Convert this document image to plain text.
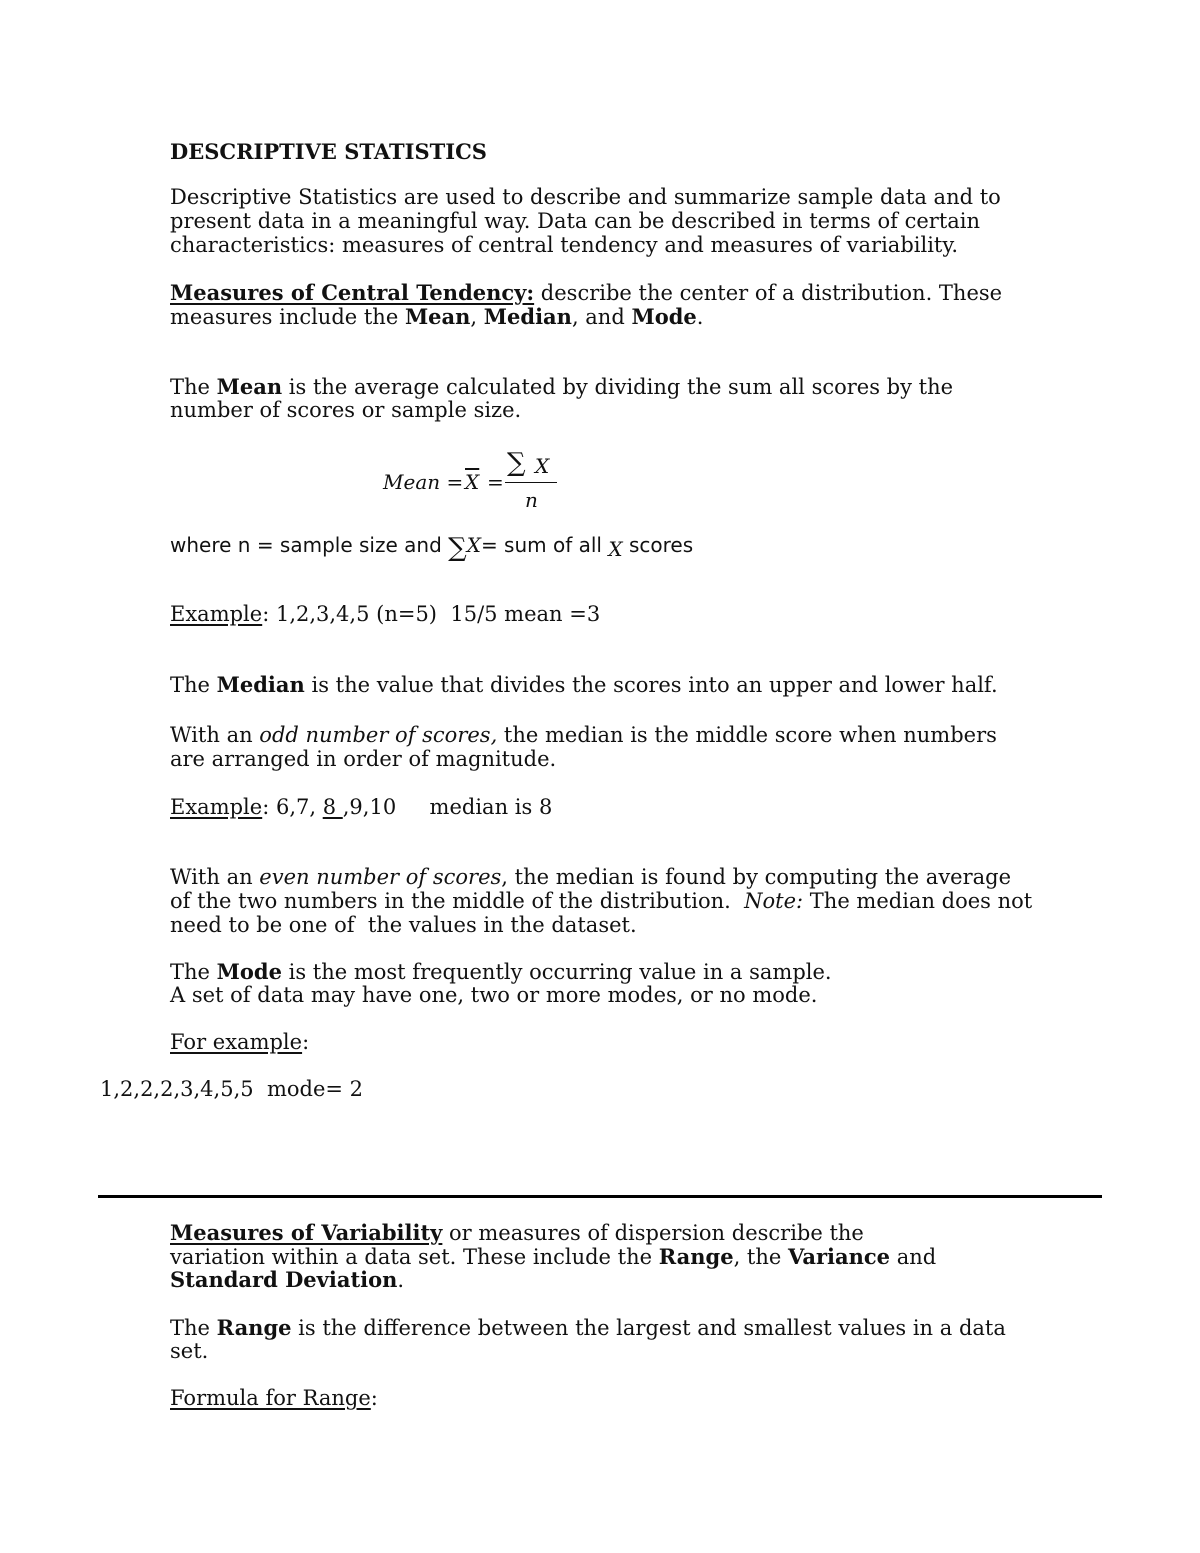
DESCRIPTIVE STATISTICS
Descriptive Statistics are used to describe and summarize sample data and to
present data in a meaningful way. Data can be described in terms of certain
characteristics: measures of central tendency and measures of variability.
Measures of Central Tendency: describe the center of a distribution. These
measures include the Mean, Median, and Mode.
The Mean is the average calculated by dividing the sum all scores by the
number of scores or sample size.
Mean = $\overline{X}$ =
∑ X
n
where n = sample size and ∑X= sum of all X scores
Example: 1,2,3,4,5 (n=5)  15/5 mean =3
The Median is the value that divides the scores into an upper and lower half.
With an odd number of scores, the median is the middle score when numbers
are arranged in order of magnitude.
Example: 6,7, 8 ,9,10     median is 8
With an even number of scores, the median is found by computing the average
of the two numbers in the middle of the distribution.  Note: The median does not
need to be one of  the values in the dataset.
The Mode is the most frequently occurring value in a sample.
A set of data may have one, two or more modes, or no mode.
For example:
1,2,2,2,3,4,5,5  mode= 2
Measures of Variability or measures of dispersion describe the
variation within a data set. These include the Range, the Variance and
Standard Deviation.
The Range is the difference between the largest and smallest values in a data
set.
Formula for Range:
